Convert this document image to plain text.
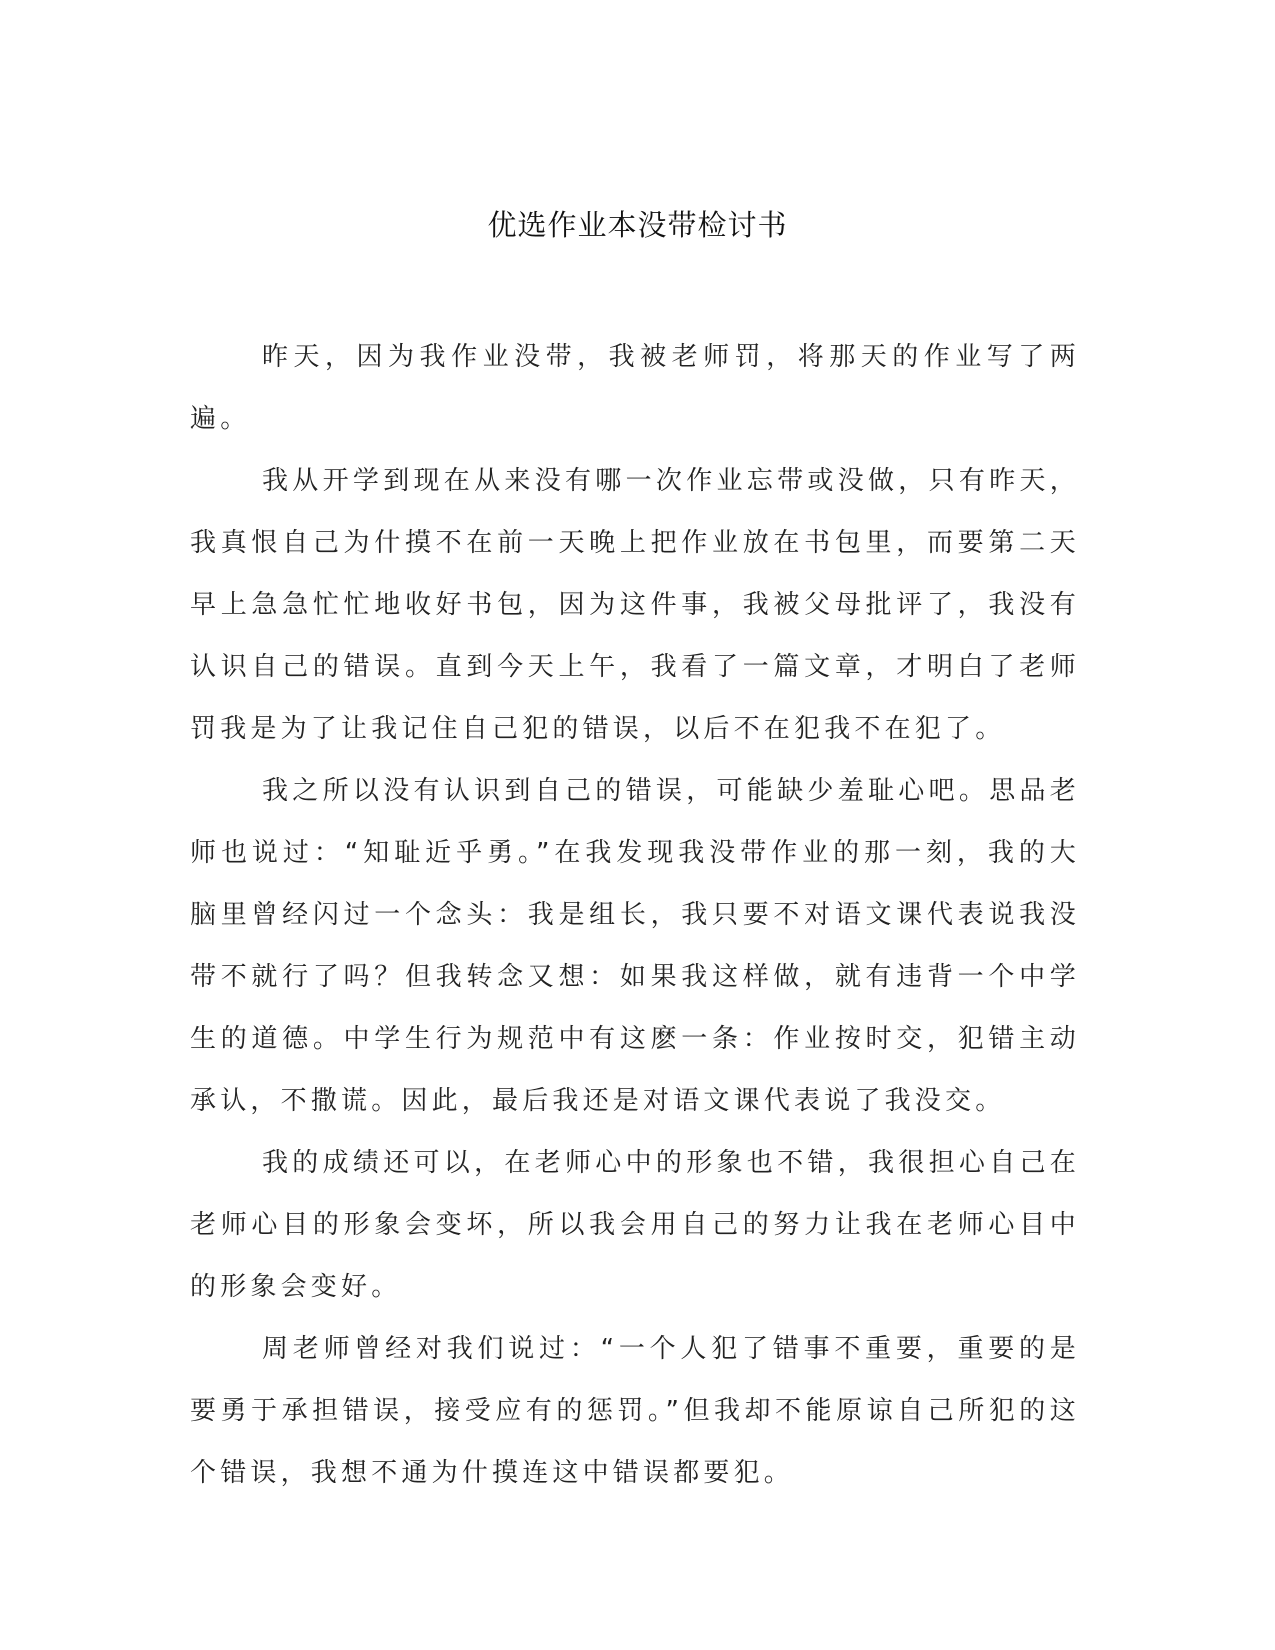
优选作业本没带检讨书

昨天，因为我作业没带，我被老师罚，将那天的作业写了两遍。

我从开学到现在从来没有哪一次作业忘带或没做，只有昨天，我真恨自己为什摸不在前一天晚上把作业放在书包里，而要第二天早上急急忙忙地收好书包，因为这件事，我被父母批评了，我没有认识自己的错误。直到今天上午，我看了一篇文章，才明白了老师罚我是为了让我记住自己犯的错误，以后不在犯我不在犯了。

我之所以没有认识到自己的错误，可能缺少羞耻心吧。思品老师也说过：“知耻近乎勇。”在我发现我没带作业的那一刻，我的大脑里曾经闪过一个念头：我是组长，我只要不对语文课代表说我没带不就行了吗？但我转念又想：如果我这样做，就有违背一个中学生的道德。中学生行为规范中有这麽一条：作业按时交，犯错主动承认，不撒谎。因此，最后我还是对语文课代表说了我没交。

我的成绩还可以，在老师心中的形象也不错，我很担心自己在老师心目的形象会变坏，所以我会用自己的努力让我在老师心目中的形象会变好。

周老师曾经对我们说过：“一个人犯了错事不重要，重要的是要勇于承担错误，接受应有的惩罚。”但我却不能原谅自己所犯的这个错误，我想不通为什摸连这中错误都要犯。
